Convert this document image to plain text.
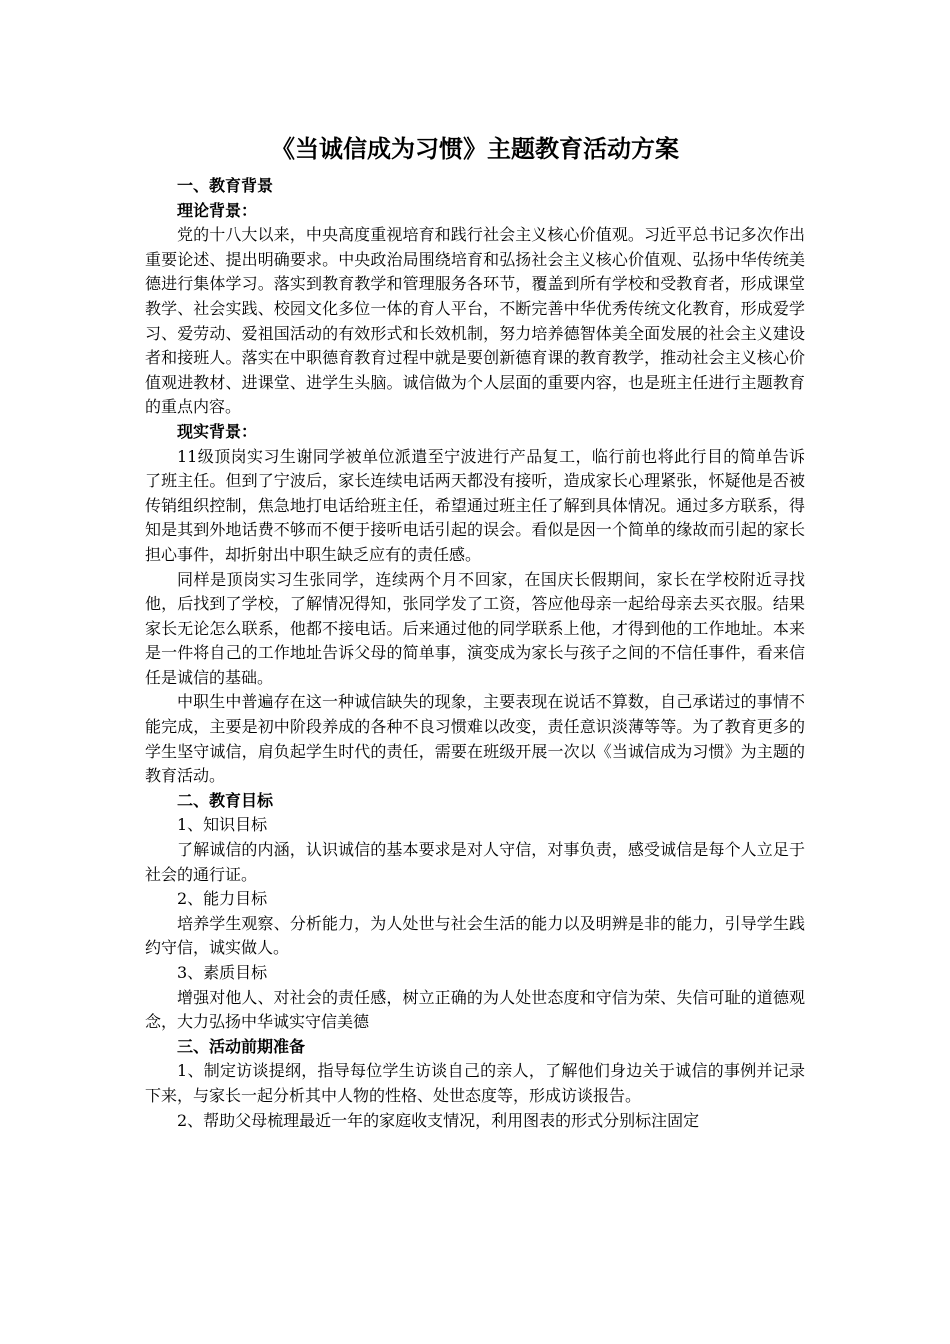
《当诚信成为习惯》主题教育活动方案

一、教育背景

理论背景：

党的十八大以来，中央高度重视培育和践行社会主义核心价值观。习近平总书记多次作出重要论述、提出明确要求。中央政治局围绕培育和弘扬社会主义核心价值观、弘扬中华传统美德进行集体学习。落实到教育教学和管理服务各环节，覆盖到所有学校和受教育者，形成课堂教学、社会实践、校园文化多位一体的育人平台，不断完善中华优秀传统文化教育，形成爱学习、爱劳动、爱祖国活动的有效形式和长效机制，努力培养德智体美全面发展的社会主义建设者和接班人。落实在中职德育教育过程中就是要创新德育课的教育教学，推动社会主义核心价值观进教材、进课堂、进学生头脑。诚信做为个人层面的重要内容，也是班主任进行主题教育的重点内容。

现实背景：

11级顶岗实习生谢同学被单位派遣至宁波进行产品复工，临行前也将此行目的简单告诉了班主任。但到了宁波后，家长连续电话两天都没有接听，造成家长心理紧张，怀疑他是否被传销组织控制，焦急地打电话给班主任，希望通过班主任了解到具体情况。通过多方联系，得知是其到外地话费不够而不便于接听电话引起的误会。看似是因一个简单的缘故而引起的家长担心事件，却折射出中职生缺乏应有的责任感。

同样是顶岗实习生张同学，连续两个月不回家，在国庆长假期间，家长在学校附近寻找他，后找到了学校，了解情况得知，张同学发了工资，答应他母亲一起给母亲去买衣服。结果家长无论怎么联系，他都不接电话。后来通过他的同学联系上他，才得到他的工作地址。本来是一件将自己的工作地址告诉父母的简单事，演变成为家长与孩子之间的不信任事件，看来信任是诚信的基础。

中职生中普遍存在这一种诚信缺失的现象，主要表现在说话不算数，自己承诺过的事情不能完成，主要是初中阶段养成的各种不良习惯难以改变，责任意识淡薄等等。为了教育更多的学生坚守诚信，肩负起学生时代的责任，需要在班级开展一次以《当诚信成为习惯》为主题的教育活动。

二、教育目标

1、知识目标

了解诚信的内涵，认识诚信的基本要求是对人守信，对事负责，感受诚信是每个人立足于社会的通行证。

2、能力目标

培养学生观察、分析能力，为人处世与社会生活的能力以及明辨是非的能力，引导学生践约守信，诚实做人。

3、素质目标

增强对他人、对社会的责任感，树立正确的为人处世态度和守信为荣、失信可耻的道德观念，大力弘扬中华诚实守信美德

三、活动前期准备

1、制定访谈提纲，指导每位学生访谈自己的亲人，了解他们身边关于诚信的事例并记录下来，与家长一起分析其中人物的性格、处世态度等，形成访谈报告。

2、帮助父母梳理最近一年的家庭收支情况，利用图表的形式分别标注固定
